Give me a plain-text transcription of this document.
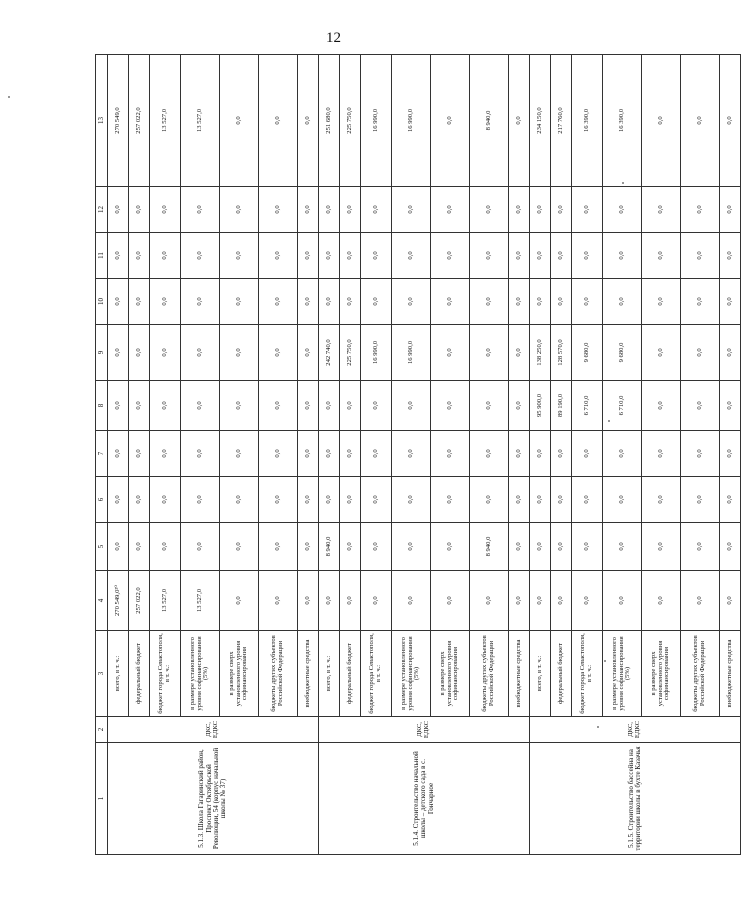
12
1	2	3	4	5	6	7	8	9	10	11	12	13
5.1.3. Школа Гагаринский район, Проспект Октябрьской Революции, 54 (корпус начальной школы № 37)	ДКС, ЕДКС	всего, в т. ч.:	270 549,0²⁰	0,0	0,0	0,0	0,0	0,0	0,0	0,0	0,0	270 549,0
		федеральный бюджет	257 022,0	0,0	0,0	0,0	0,0	0,0	0,0	0,0	0,0	257 022,0
		бюджет города Севастополя, в т. ч.:	13 527,0	0,0	0,0	0,0	0,0	0,0	0,0	0,0	0,0	13 527,0
		в размере установленного уровня софинансирования (5%)	13 527,0	0,0	0,0	0,0	0,0	0,0	0,0	0,0	0,0	13 527,0
		в размере сверх установленного уровня софинансирования	0,0	0,0	0,0	0,0	0,0	0,0	0,0	0,0	0,0	0,0
		бюджеты других субъектов Российской Федерации	0,0	0,0	0,0	0,0	0,0	0,0	0,0	0,0	0,0	0,0
		внебюджетные средства	0,0	0,0	0,0	0,0	0,0	0,0	0,0	0,0	0,0	0,0
5.1.4. Строительство начальной школы – детского сада в с. Гончарное	ДКС, ЕДКС	всего, в т. ч.:	0,0	8 940,0	0,0	0,0	0,0	242 740,0	0,0	0,0	0,0	251 680,0
		федеральный бюджет	0,0	0,0	0,0	0,0	0,0	225 750,0	0,0	0,0	0,0	225 750,0
		бюджет города Севастополя, в т. ч.:	0,0	0,0	0,0	0,0	0,0	16 990,0	0,0	0,0	0,0	16 990,0
		в размере установленного уровня софинансирования (5%)	0,0	0,0	0,0	0,0	0,0	16 990,0	0,0	0,0	0,0	16 990,0
		в размере сверх установленного уровня софинансирования	0,0	0,0	0,0	0,0	0,0	0,0	0,0	0,0	0,0	0,0
		бюджеты других субъектов Российской Федерации	0,0	8 940,0	0,0	0,0	0,0	0,0	0,0	0,0	0,0	8 940,0
		внебюджетные средства	0,0	0,0	0,0	0,0	0,0	0,0	0,0	0,0	0,0	0,0
5.1.5. Строительство бассейна на территории школы в бухте Казачья	ДКС, ЕДКС	всего, в т. ч.:	0,0	0,0	0,0	0,0	95 900,0	138 250,0	0,0	0,0	0,0	234 150,0
		федеральный бюджет	0,0	0,0	0,0	0,0	89 190,0	128 570,0	0,0	0,0	0,0	217 760,0
		бюджет города Севастополя, в т. ч.:	0,0	0,0	0,0	0,0	6 710,0	9 680,0	0,0	0,0	0,0	16 390,0
		в размере установленного уровня софинансирования (5%)	0,0	0,0	0,0	0,0	6 710,0	9 680,0	0,0	0,0	0,0	16 390,0
		в размере сверх установленного уровня софинансирования	0,0	0,0	0,0	0,0	0,0	0,0	0,0	0,0	0,0	0,0
		бюджеты других субъектов Российской Федерации	0,0	0,0	0,0	0,0	0,0	0,0	0,0	0,0	0,0	0,0
		внебюджетные средства	0,0	0,0	0,0	0,0	0,0	0,0	0,0	0,0	0,0	0,0
